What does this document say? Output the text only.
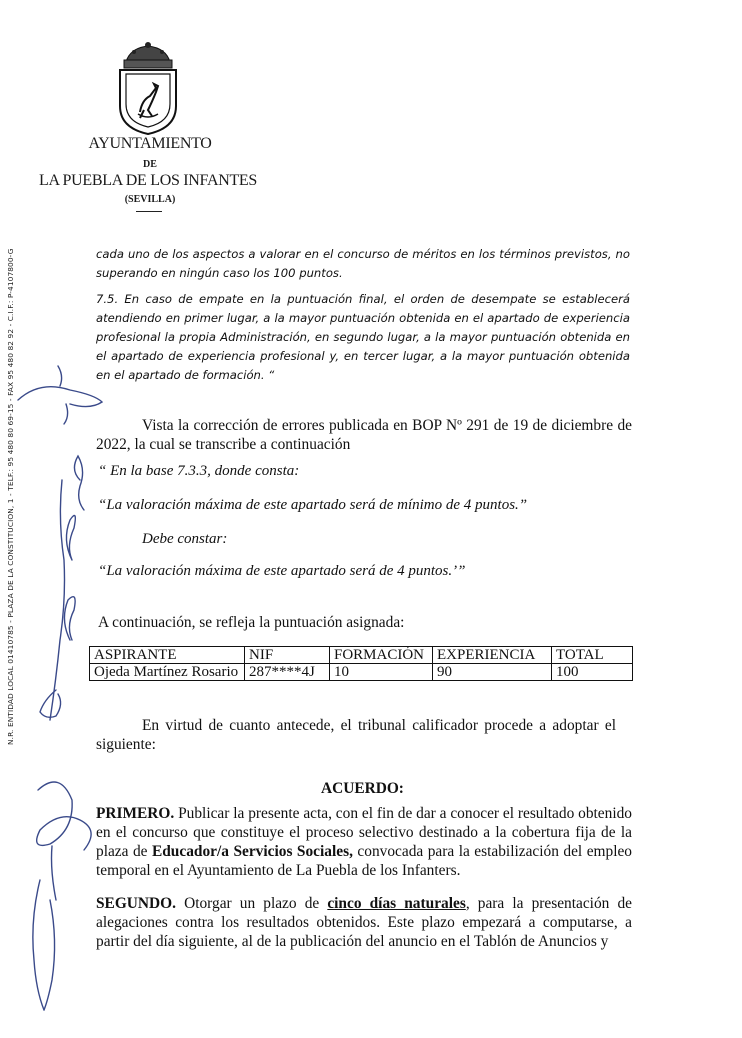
AYUNTAMIENTO
DE
LA PUEBLA DE LOS INFANTES
(SEVILLA)
N.R. ENTIDAD LOCAL 01410785 - PLAZA DE LA CONSTITUCION, 1 - TELF.: 95 480 80 69-15 - FAX 95 480 82 92 - C.I.F.: P-4107800-G	cada uno de los aspectos a valorar en el concurso de méritos en los términos previstos, no superando en ningún caso los 100 puntos.
7.5. En caso de empate en la puntuación final, el orden de desempate se establecerá atendiendo en primer lugar, a la mayor puntuación obtenida en el apartado de experiencia profesional la propia Administración, en segundo lugar, a la mayor puntuación obtenida en el apartado de experiencia profesional y, en tercer lugar, a la mayor puntuación obtenida en el apartado de formación. “
Vista la corrección de errores publicada en BOP Nº 291 de 19 de diciembre de 2022, la cual se transcribe a continuación
“ En la base 7.3.3, donde consta:
“La valoración máxima de este apartado será de mínimo de 4 puntos.”
Debe constar:
“La valoración máxima de este apartado será de 4 puntos.’”
A continuación, se refleja la puntuación asignada:
ASPIRANTE	NIF	FORMACIÓN	EXPERIENCIA	TOTAL
Ojeda Martínez Rosario	287****4J	10	90	100
En virtud de cuanto antecede, el tribunal calificador procede a adoptar el siguiente:
ACUERDO:
PRIMERO. Publicar la presente acta, con el fin de dar a conocer el resultado obtenido en el concurso que constituye el proceso selectivo destinado a la cobertura fija de la plaza de Educador/a Servicios Sociales, convocada para la estabilización del empleo temporal en el Ayuntamiento de La Puebla de los Infanters.
SEGUNDO. Otorgar un plazo de cinco días naturales, para la presentación de alegaciones contra los resultados obtenidos. Este plazo empezará a computarse, a partir del día siguiente, al de la publicación del anuncio en el Tablón de Anuncios y
